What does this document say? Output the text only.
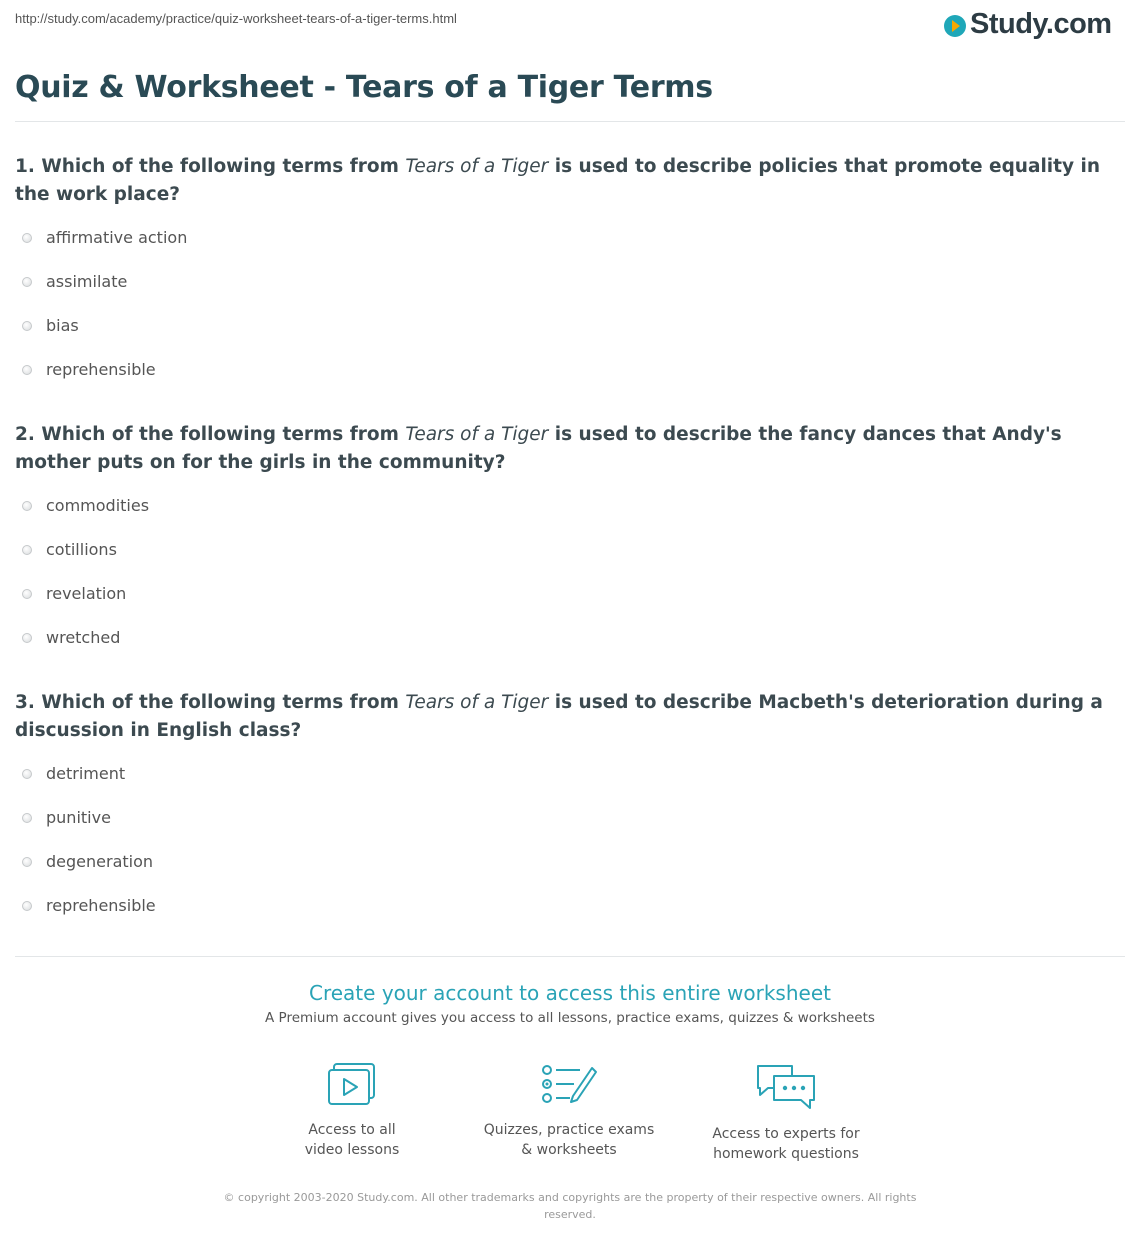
http://study.com/academy/practice/quiz-worksheet-tears-of-a-tiger-terms.html	Study.com
Quiz & Worksheet - Tears of a Tiger Terms

1. Which of the following terms from Tears of a Tiger is used to describe policies that promote equality in the work place?

affirmative action
assimilate
bias
reprehensible

2. Which of the following terms from Tears of a Tiger is used to describe the fancy dances that Andy's mother puts on for the girls in the community?

commodities
cotillions
revelation
wretched

3. Which of the following terms from Tears of a Tiger is used to describe Macbeth's deterioration during a discussion in English class?

detriment
punitive
degeneration
reprehensible

Create your account to access this entire worksheet

A Premium account gives you access to all lessons, practice exams, quizzes & worksheets

Access to all
video lessons
Quizzes, practice exams
& worksheets
Access to experts for
homework questions
© copyright 2003-2020 Study.com. All other trademarks and copyrights are the property of their respective owners. All rights reserved.
